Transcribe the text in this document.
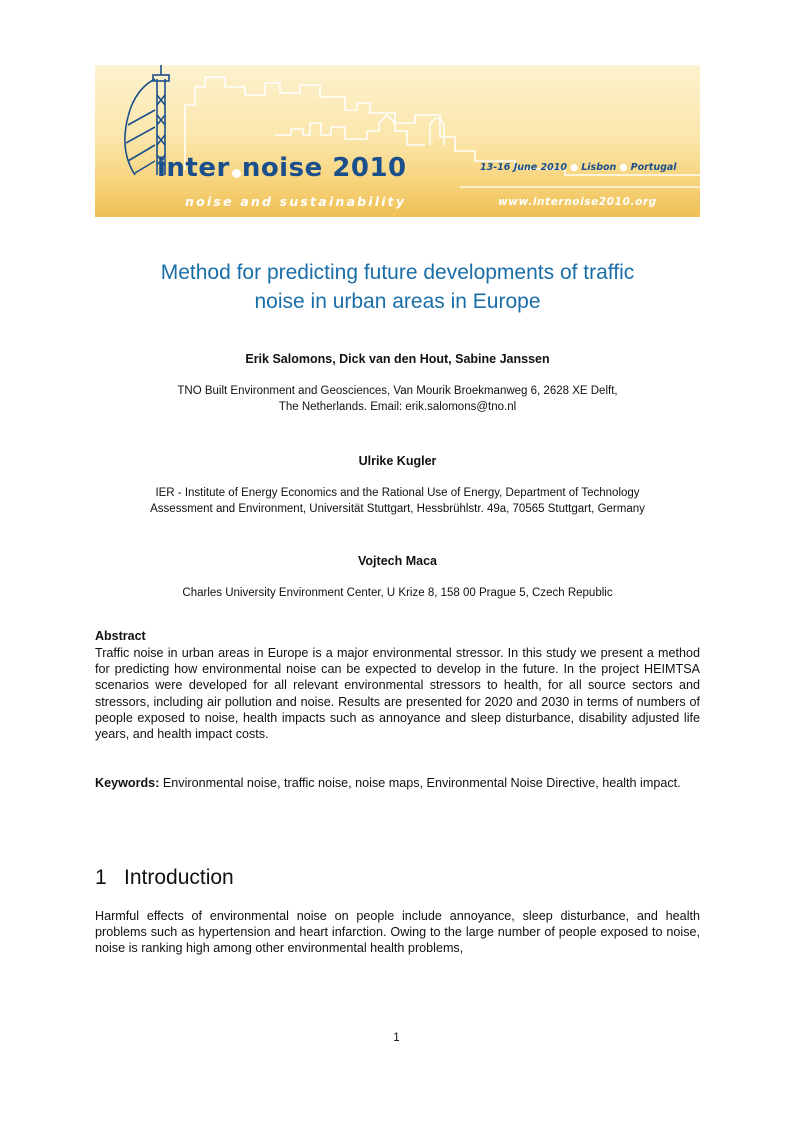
inter noise 2010	13-16 June 2010 ● Lisbon ● Portugal
noise and sustainability	www.internoise2010.org
Method for predicting future developments of traffic
noise in urban areas in Europe
Erik Salomons, Dick van den Hout, Sabine Janssen
TNO Built Environment and Geosciences, Van Mourik Broekmanweg 6, 2628 XE Delft,
The Netherlands. Email: erik.salomons@tno.nl
Ulrike Kugler
IER - Institute of Energy Economics and the Rational Use of Energy, Department of Technology
Assessment and Environment, Universität Stuttgart, Hessbrühlstr. 49a, 70565 Stuttgart, Germany
Vojtech Maca
Charles University Environment Center, U Krize 8, 158 00 Prague 5, Czech Republic
Abstract
Traffic noise in urban areas in Europe is a major environmental stressor. In this study we present a method for predicting how environmental noise can be expected to develop in the future. In the project HEIMTSA scenarios were developed for all relevant environmental stressors to health, for all source sectors and stressors, including air pollution and noise. Results are presented for 2020 and 2030 in terms of numbers of people exposed to noise, health impacts such as annoyance and sleep disturbance, disability adjusted life years, and health impact costs.
Keywords: Environmental noise, traffic noise, noise maps, Environmental Noise Directive, health impact.
1 Introduction
Harmful effects of environmental noise on people include annoyance, sleep disturbance, and health problems such as hypertension and heart infarction. Owing to the large number of people exposed to noise, noise is ranking high among other environmental health problems,
1
